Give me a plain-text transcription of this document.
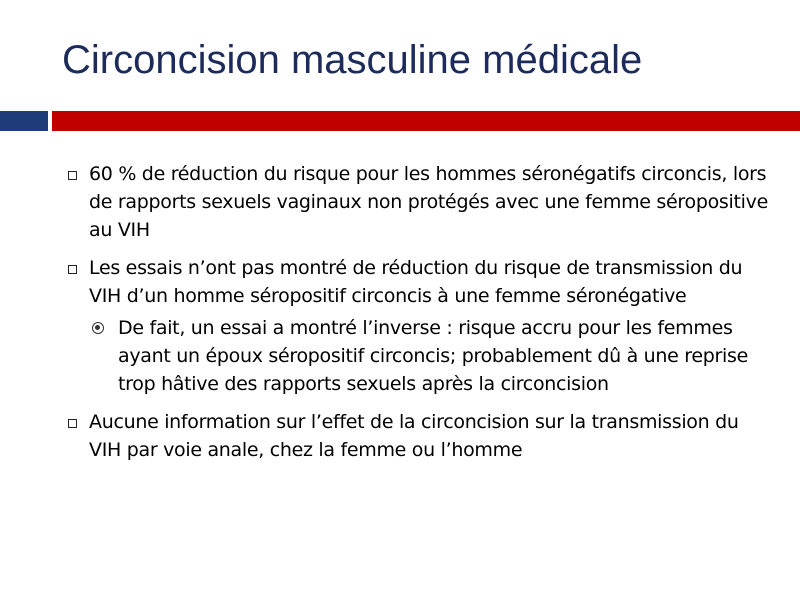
Circoncision masculine médicale
60 % de réduction du risque pour les hommes séronégatifs circoncis, lors de rapports sexuels vaginaux non protégés avec une femme séropositive au VIH
Les essais n’ont pas montré de réduction du risque de transmission du VIH d’un homme séropositif circoncis à une femme séronégative
De fait, un essai a montré l’inverse : risque accru pour les femmes ayant un époux séropositif circoncis; probablement dû à une reprise trop hâtive des rapports sexuels après la circoncision
Aucune information sur l’effet de la circoncision sur la transmission du VIH par voie anale, chez la femme ou l’homme
